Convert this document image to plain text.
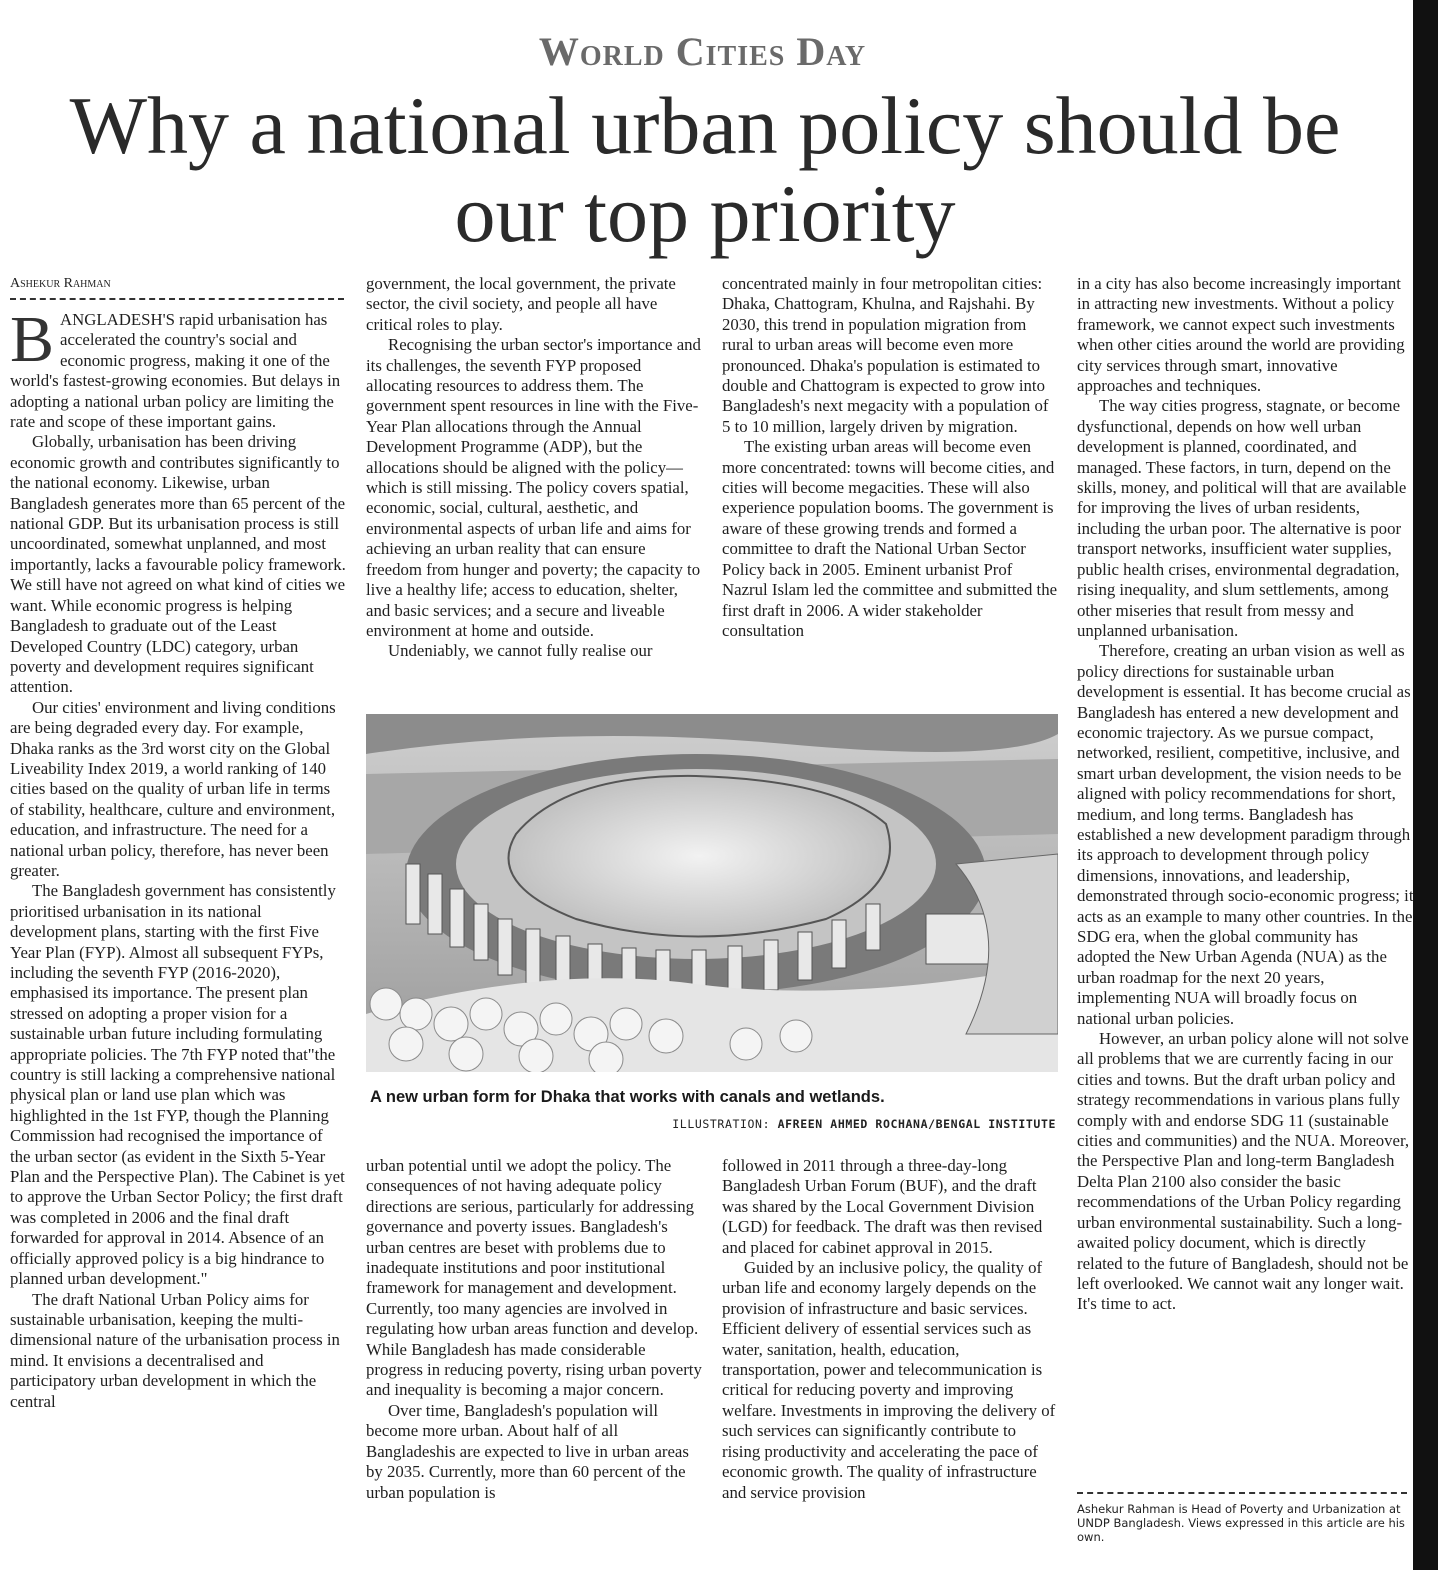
World Cities Day
Why a national urban policy should be our top priority
Ashekur Rahman

BANGLADESH'S rapid urbanisation has accelerated the country's social and economic progress, making it one of the world's fastest-growing economies. But delays in adopting a national urban policy are limiting the rate and scope of these important gains.

Globally, urbanisation has been driving economic growth and contributes significantly to the national economy. Likewise, urban Bangladesh generates more than 65 percent of the national GDP. But its urbanisation process is still uncoordinated, somewhat unplanned, and most importantly, lacks a favourable policy framework. We still have not agreed on what kind of cities we want. While economic progress is helping Bangladesh to graduate out of the Least Developed Country (LDC) category, urban poverty and development requires significant attention.

Our cities' environment and living conditions are being degraded every day. For example, Dhaka ranks as the 3rd worst city on the Global Liveability Index 2019, a world ranking of 140 cities based on the quality of urban life in terms of stability, healthcare, culture and environment, education, and infrastructure. The need for a national urban policy, therefore, has never been greater.

The Bangladesh government has consistently prioritised urbanisation in its national development plans, starting with the first Five Year Plan (FYP). Almost all subsequent FYPs, including the seventh FYP (2016-2020), emphasised its importance. The present plan stressed on adopting a proper vision for a sustainable urban future including formulating appropriate policies. The 7th FYP noted that"the country is still lacking a comprehensive national physical plan or land use plan which was highlighted in the 1st FYP, though the Planning Commission had recognised the importance of the urban sector (as evident in the Sixth 5-Year Plan and the Perspective Plan). The Cabinet is yet to approve the Urban Sector Policy; the first draft was completed in 2006 and the final draft forwarded for approval in 2014. Absence of an officially approved policy is a big hindrance to planned urban development."

The draft National Urban Policy aims for sustainable urbanisation, keeping the multi-dimensional nature of the urbanisation process in mind. It envisions a decentralised and participatory urban development in which the central

government, the local government, the private sector, the civil society, and people all have critical roles to play.

Recognising the urban sector's importance and its challenges, the seventh FYP proposed allocating resources to address them. The government spent resources in line with the Five-Year Plan allocations through the Annual Development Programme (ADP), but the allocations should be aligned with the policy—which is still missing. The policy covers spatial, economic, social, cultural, aesthetic, and environmental aspects of urban life and aims for achieving an urban reality that can ensure freedom from hunger and poverty; the capacity to live a healthy life; access to education, shelter, and basic services; and a secure and liveable environment at home and outside.

Undeniably, we cannot fully realise our

concentrated mainly in four metropolitan cities: Dhaka, Chattogram, Khulna, and Rajshahi. By 2030, this trend in population migration from rural to urban areas will become even more pronounced. Dhaka's population is estimated to double and Chattogram is expected to grow into Bangladesh's next megacity with a population of 5 to 10 million, largely driven by migration.

The existing urban areas will become even more concentrated: towns will become cities, and cities will become megacities. These will also experience population booms. The government is aware of these growing trends and formed a committee to draft the National Urban Sector Policy back in 2005. Eminent urbanist Prof Nazrul Islam led the committee and submitted the first draft in 2006. A wider stakeholder consultation

A new urban form for Dhaka that works with canals and wetlands.
ILLUSTRATION: AFREEN AHMED ROCHANA/BENGAL INSTITUTE

urban potential until we adopt the policy. The consequences of not having adequate policy directions are serious, particularly for addressing governance and poverty issues. Bangladesh's urban centres are beset with problems due to inadequate institutions and poor institutional framework for management and development. Currently, too many agencies are involved in regulating how urban areas function and develop. While Bangladesh has made considerable progress in reducing poverty, rising urban poverty and inequality is becoming a major concern.

Over time, Bangladesh's population will become more urban. About half of all Bangladeshis are expected to live in urban areas by 2035. Currently, more than 60 percent of the urban population is

followed in 2011 through a three-day-long Bangladesh Urban Forum (BUF), and the draft was shared by the Local Government Division (LGD) for feedback. The draft was then revised and placed for cabinet approval in 2015.

Guided by an inclusive policy, the quality of urban life and economy largely depends on the provision of infrastructure and basic services. Efficient delivery of essential services such as water, sanitation, health, education, transportation, power and telecommunication is critical for reducing poverty and improving welfare. Investments in improving the delivery of such services can significantly contribute to rising productivity and accelerating the pace of economic growth. The quality of infrastructure and service provision

in a city has also become increasingly important in attracting new investments. Without a policy framework, we cannot expect such investments when other cities around the world are providing city services through smart, innovative approaches and techniques.

The way cities progress, stagnate, or become dysfunctional, depends on how well urban development is planned, coordinated, and managed. These factors, in turn, depend on the skills, money, and political will that are available for improving the lives of urban residents, including the urban poor. The alternative is poor transport networks, insufficient water supplies, public health crises, environmental degradation, rising inequality, and slum settlements, among other miseries that result from messy and unplanned urbanisation.

Therefore, creating an urban vision as well as policy directions for sustainable urban development is essential. It has become crucial as Bangladesh has entered a new development and economic trajectory. As we pursue compact, networked, resilient, competitive, inclusive, and smart urban development, the vision needs to be aligned with policy recommendations for short, medium, and long terms. Bangladesh has established a new development paradigm through its approach to development through policy dimensions, innovations, and leadership, demonstrated through socio-economic progress; it acts as an example to many other countries. In the SDG era, when the global community has adopted the New Urban Agenda (NUA) as the urban roadmap for the next 20 years, implementing NUA will broadly focus on national urban policies.

However, an urban policy alone will not solve all problems that we are currently facing in our cities and towns. But the draft urban policy and strategy recommendations in various plans fully comply with and endorse SDG 11 (sustainable cities and communities) and the NUA. Moreover, the Perspective Plan and long-term Bangladesh Delta Plan 2100 also consider the basic recommendations of the Urban Policy regarding urban environmental sustainability. Such a long-awaited policy document, which is directly related to the future of Bangladesh, should not be left overlooked. We cannot wait any longer wait. It's time to act.

Ashekur Rahman is Head of Poverty and Urbanization at UNDP Bangladesh. Views expressed in this article are his own.
